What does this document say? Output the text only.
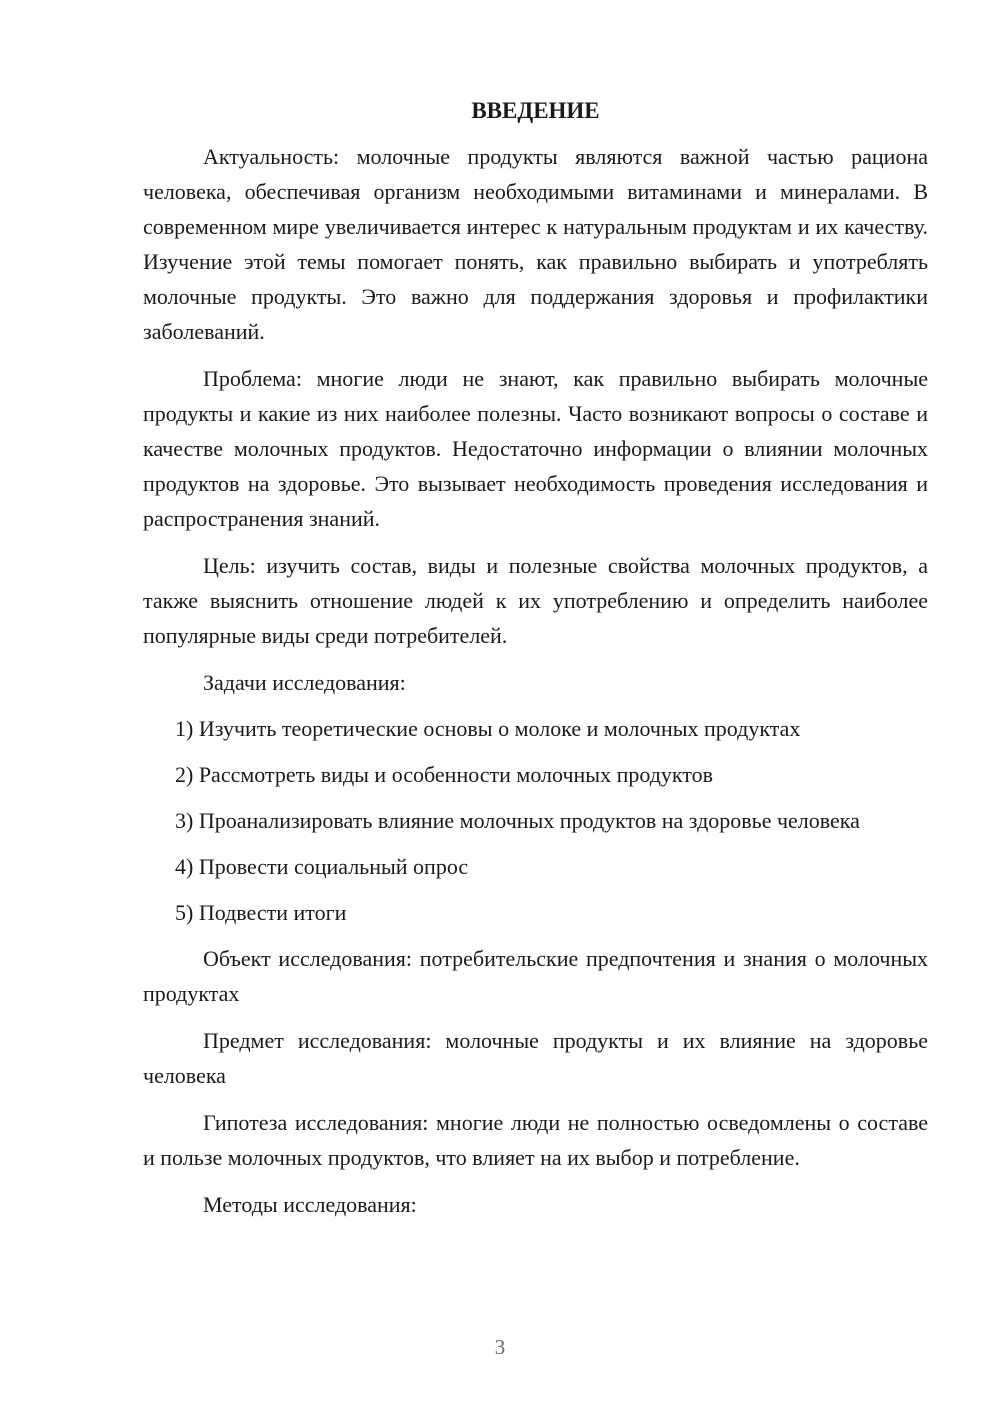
ВВЕДЕНИЕ

Актуальность: молочные продукты являются важной частью рациона человека, обеспечивая организм необходимыми витаминами и минералами. В современном мире увеличивается интерес к натуральным продуктам и их качеству. Изучение этой темы помогает понять, как правильно выбирать и употреблять молочные продукты. Это важно для поддержания здоровья и профилактики заболеваний.

Проблема: многие люди не знают, как правильно выбирать молочные продукты и какие из них наиболее полезны. Часто возникают вопросы о составе и качестве молочных продуктов. Недостаточно информации о влиянии молочных продуктов на здоровье. Это вызывает необходимость проведения исследования и распространения знаний.

Цель: изучить состав, виды и полезные свойства молочных продуктов, а также выяснить отношение людей к их употреблению и определить наиболее популярные виды среди потребителей.

Задачи исследования:

1) Изучить теоретические основы о молоке и молочных продуктах

2) Рассмотреть виды и особенности молочных продуктов

3) Проанализировать влияние молочных продуктов на здоровье человека

4) Провести социальный опрос

5) Подвести итоги

Объект исследования: потребительские предпочтения и знания о молочных продуктах

Предмет исследования: молочные продукты и их влияние на здоровье человека

Гипотеза исследования: многие люди не полностью осведомлены о составе и пользе молочных продуктов, что влияет на их выбор и потребление.

Методы исследования:

3
